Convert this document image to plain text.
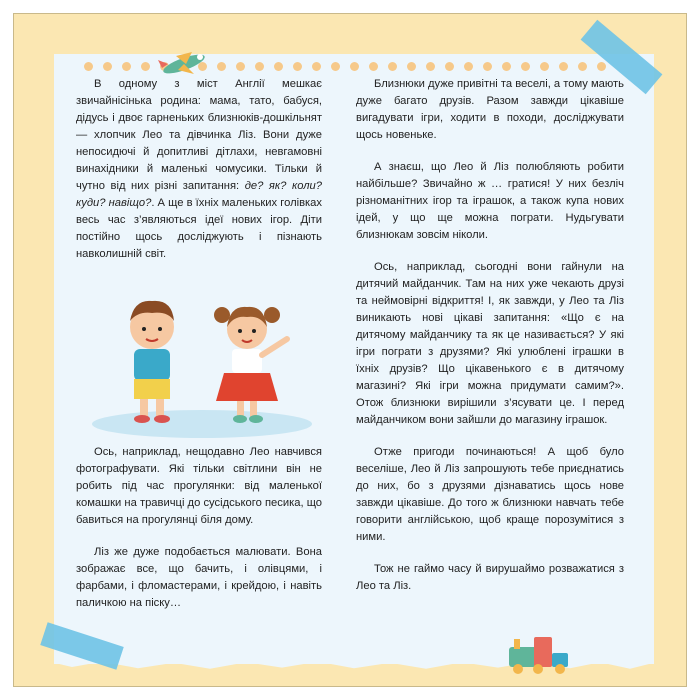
В одному з міст Англії мешкає звичайнісінька родина: мама, тато, бабуся, дідусь і двоє гарненьких близнюків-дошкільнят — хлопчик Лео та дівчинка Ліз. Вони дуже непосидючі й допитливі дітлахи, невгамовні винахідники й маленькі чомусики. Тільки й чутно від них різні запитання: де? як? коли? куди? навіщо?. А ще в їхніх маленьких голівках весь час з’являються ідеї нових ігор. Діти постійно щось досліджують і пізнають навколишній світ.

Ось, наприклад, нещодавно Лео навчився фотографувати. Які тільки світлини він не робить під час прогулянки: від маленької комашки на травичці до сусідського песика, що бавиться на прогулянці біля дому.

Ліз же дуже подобається малювати. Вона зображає все, що бачить, і олівцями, і фарбами, і фломастерами, і крейдою, і навіть паличкою на піску…

Близнюки дуже привітні та веселі, а тому мають дуже багато друзів. Разом завжди цікавіше вигадувати ігри, ходити в походи, досліджувати щось новеньке.

А знаєш, що Лео й Ліз полюбляють робити найбільше? Звичайно ж … гратися! У них безліч різноманітних ігор та іграшок, а також купа нових ідей, у що ще можна пограти. Нудьгувати близнюкам зовсім ніколи.

Ось, наприклад, сьогодні вони гайнули на дитячий майданчик. Там на них уже чекають друзі та неймовірні відкриття! І, як завжди, у Лео та Ліз виникають нові цікаві запитання: «Що є на дитячому майданчику та як це називається? У які ігри пограти з друзями? Які улюблені іграшки в їхніх друзів? Що цікавенького є в дитячому магазині? Які ігри можна придумати самим?». Отож близнюки вирішили з’ясувати це. І перед майданчиком вони зайшли до магазину іграшок.

Отже пригоди починаються! А щоб було веселіше, Лео й Ліз запрошують тебе приєднатись до них, бо з друзями дізнаватись щось нове завжди цікавіше. До того ж близнюки навчать тебе говорити англійською, щоб краще порозумітися з ними.

Тож не гаймо часу й вирушаймо розважатися з Лео та Ліз.
